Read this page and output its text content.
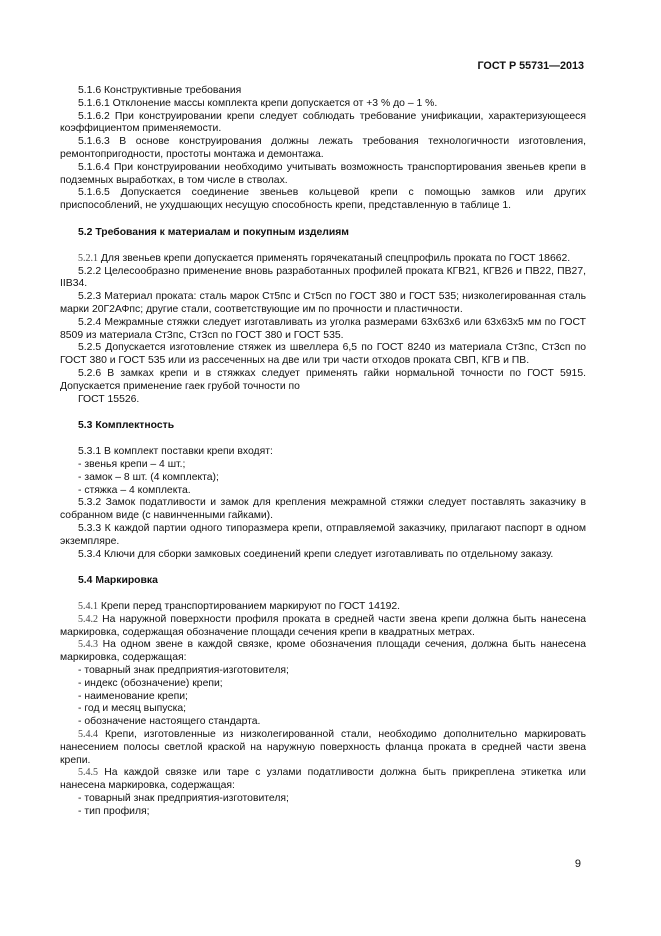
ГОСТ Р 55731—2013

5.1.6 Конструктивные требования

5.1.6.1 Отклонение массы комплекта крепи допускается от +3 % до – 1 %.

5.1.6.2 При конструировании крепи следует соблюдать требование унификации, характеризующееся коэффициентом применяемости.

5.1.6.3 В основе конструирования должны лежать требования технологичности изготовления, ремонтопригодности, простоты монтажа и демонтажа.

5.1.6.4 При конструировании необходимо учитывать возможность транспортирования звеньев крепи в подземных выработках, в том числе в стволах.

5.1.6.5 Допускается соединение звеньев кольцевой крепи с помощью замков или других приспособлений, не ухудшающих несущую способность крепи, представленную в таблице 1.

5.2 Требования к материалам и покупным изделиям

5.2.1 Для звеньев крепи допускается применять горячекатаный спецпрофиль проката по ГОСТ 18662.

5.2.2 Целесообразно применение вновь разработанных профилей проката КГВ21, КГВ26 и ПВ22, ПВ27, IIВ34.

5.2.3 Материал проката: сталь марок Ст5пс и Ст5сп по ГОСТ 380 и ГОСТ 535; низколегированная сталь марки 20Г2АФпс; другие стали, соответствующие им по прочности и пластичности.

5.2.4 Межрамные стяжки следует изготавливать из уголка размерами 63х63х6 или 63х63х5 мм по ГОСТ 8509 из материала Ст3пс, Ст3сп по ГОСТ 380 и ГОСТ 535.

5.2.5 Допускается изготовление стяжек из швеллера 6,5 по ГОСТ 8240 из материала Ст3пс, Ст3сп по ГОСТ 380 и ГОСТ 535 или из рассеченных на две или три части отходов проката СВП, КГВ и ПВ.

5.2.6 В замках крепи и в стяжках следует применять гайки нормальной точности по ГОСТ 5915. Допускается применение гаек грубой точности по

ГОСТ 15526.

5.3 Комплектность

5.3.1 В комплект поставки крепи входят:

- звенья крепи – 4 шт.;

- замок – 8 шт. (4 комплекта);

- стяжка – 4 комплекта.

5.3.2 Замок податливости и замок для крепления межрамной стяжки следует поставлять заказчику в собранном виде (с навинченными гайками).

5.3.3 К каждой партии одного типоразмера крепи, отправляемой заказчику, прилагают паспорт в одном экземпляре.

5.3.4 Ключи для сборки замковых соединений крепи следует изготавливать по отдельному заказу.

5.4 Маркировка

5.4.1 Крепи перед транспортированием маркируют по ГОСТ 14192.

5.4.2 На наружной поверхности профиля проката в средней части звена крепи должна быть нанесена маркировка, содержащая обозначение площади сечения крепи в квадратных метрах.

5.4.3 На одном звене в каждой связке, кроме обозначения площади сечения, должна быть нанесена маркировка, содержащая:

- товарный знак предприятия-изготовителя;

- индекс (обозначение) крепи;

- наименование крепи;

- год и месяц выпуска;

- обозначение настоящего стандарта.

5.4.4 Крепи, изготовленные из низколегированной стали, необходимо дополнительно маркировать нанесением полосы светлой краской на наружную поверхность фланца проката в средней части звена крепи.

5.4.5 На каждой связке или таре с узлами податливости должна быть прикреплена этикетка или нанесена маркировка, содержащая:

- товарный знак предприятия-изготовителя;

- тип профиля;

9
